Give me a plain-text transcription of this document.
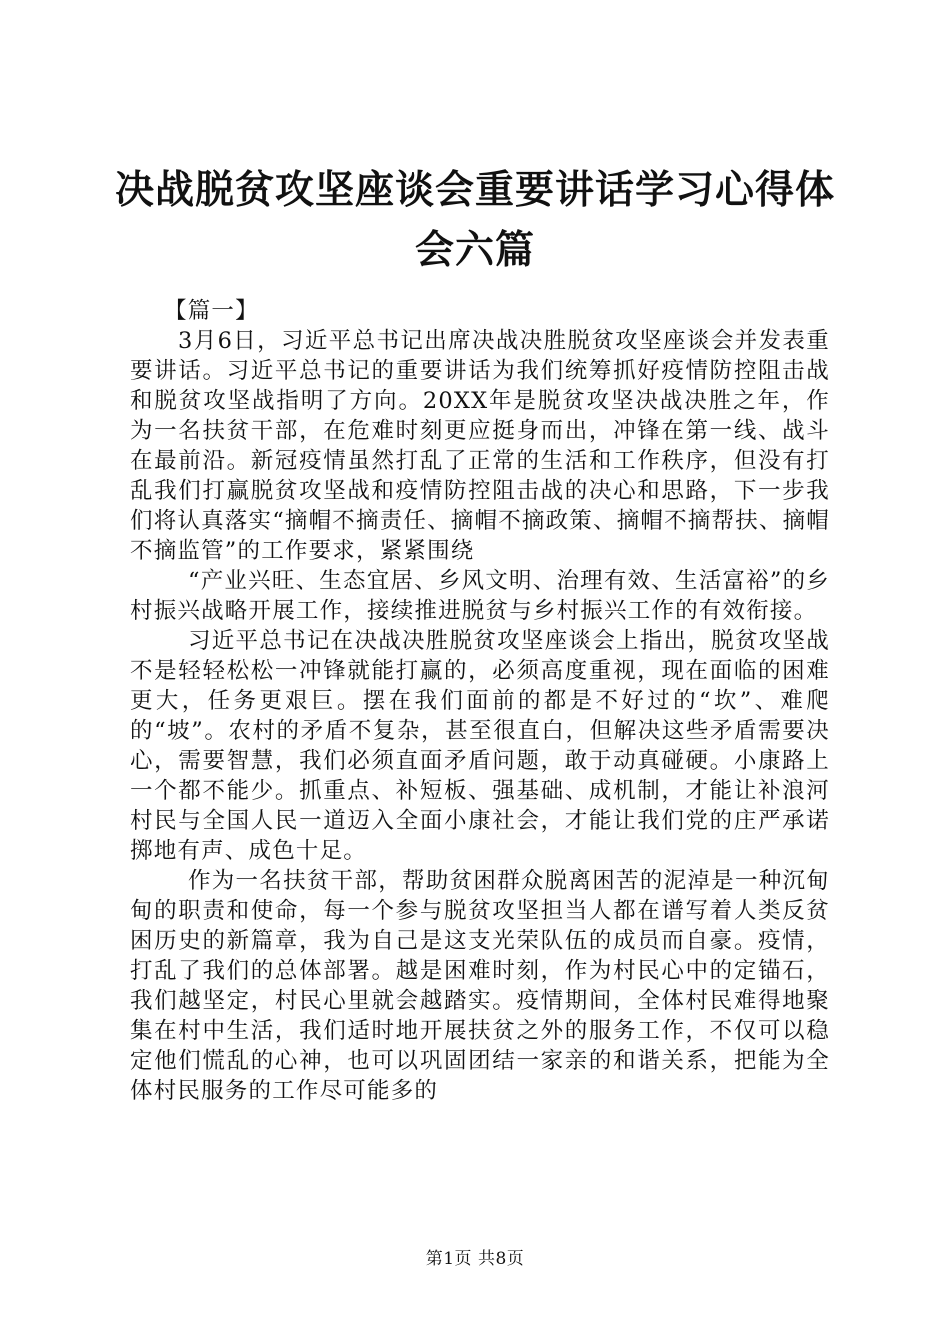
决战脱贫攻坚座谈会重要讲话学习心得体会六篇

【篇一】

3月6日，习近平总书记出席决战决胜脱贫攻坚座谈会并发表重要讲话。习近平总书记的重要讲话为我们统筹抓好疫情防控阻击战和脱贫攻坚战指明了方向。20XX年是脱贫攻坚决战决胜之年，作为一名扶贫干部，在危难时刻更应挺身而出，冲锋在第一线、战斗在最前沿。新冠疫情虽然打乱了正常的生活和工作秩序，但没有打乱我们打赢脱贫攻坚战和疫情防控阻击战的决心和思路，下一步我们将认真落实“摘帽不摘责任、摘帽不摘政策、摘帽不摘帮扶、摘帽不摘监管”的工作要求，紧紧围绕

“产业兴旺、生态宜居、乡风文明、治理有效、生活富裕”的乡村振兴战略开展工作，接续推进脱贫与乡村振兴工作的有效衔接。

习近平总书记在决战决胜脱贫攻坚座谈会上指出，脱贫攻坚战不是轻轻松松一冲锋就能打赢的，必须高度重视，现在面临的困难更大，任务更艰巨。摆在我们面前的都是不好过的“坎”、难爬的“坡”。农村的矛盾不复杂，甚至很直白，但解决这些矛盾需要决心，需要智慧，我们必须直面矛盾问题，敢于动真碰硬。小康路上一个都不能少。抓重点、补短板、强基础、成机制，才能让补浪河村民与全国人民一道迈入全面小康社会，才能让我们党的庄严承诺掷地有声、成色十足。

作为一名扶贫干部，帮助贫困群众脱离困苦的泥淖是一种沉甸甸的职责和使命，每一个参与脱贫攻坚担当人都在谱写着人类反贫困历史的新篇章，我为自己是这支光荣队伍的成员而自豪。疫情，打乱了我们的总体部署。越是困难时刻，作为村民心中的定锚石，我们越坚定，村民心里就会越踏实。疫情期间，全体村民难得地聚集在村中生活，我们适时地开展扶贫之外的服务工作，不仅可以稳定他们慌乱的心神，也可以巩固团结一家亲的和谐关系，把能为全体村民服务的工作尽可能多的

第1页 共8页
